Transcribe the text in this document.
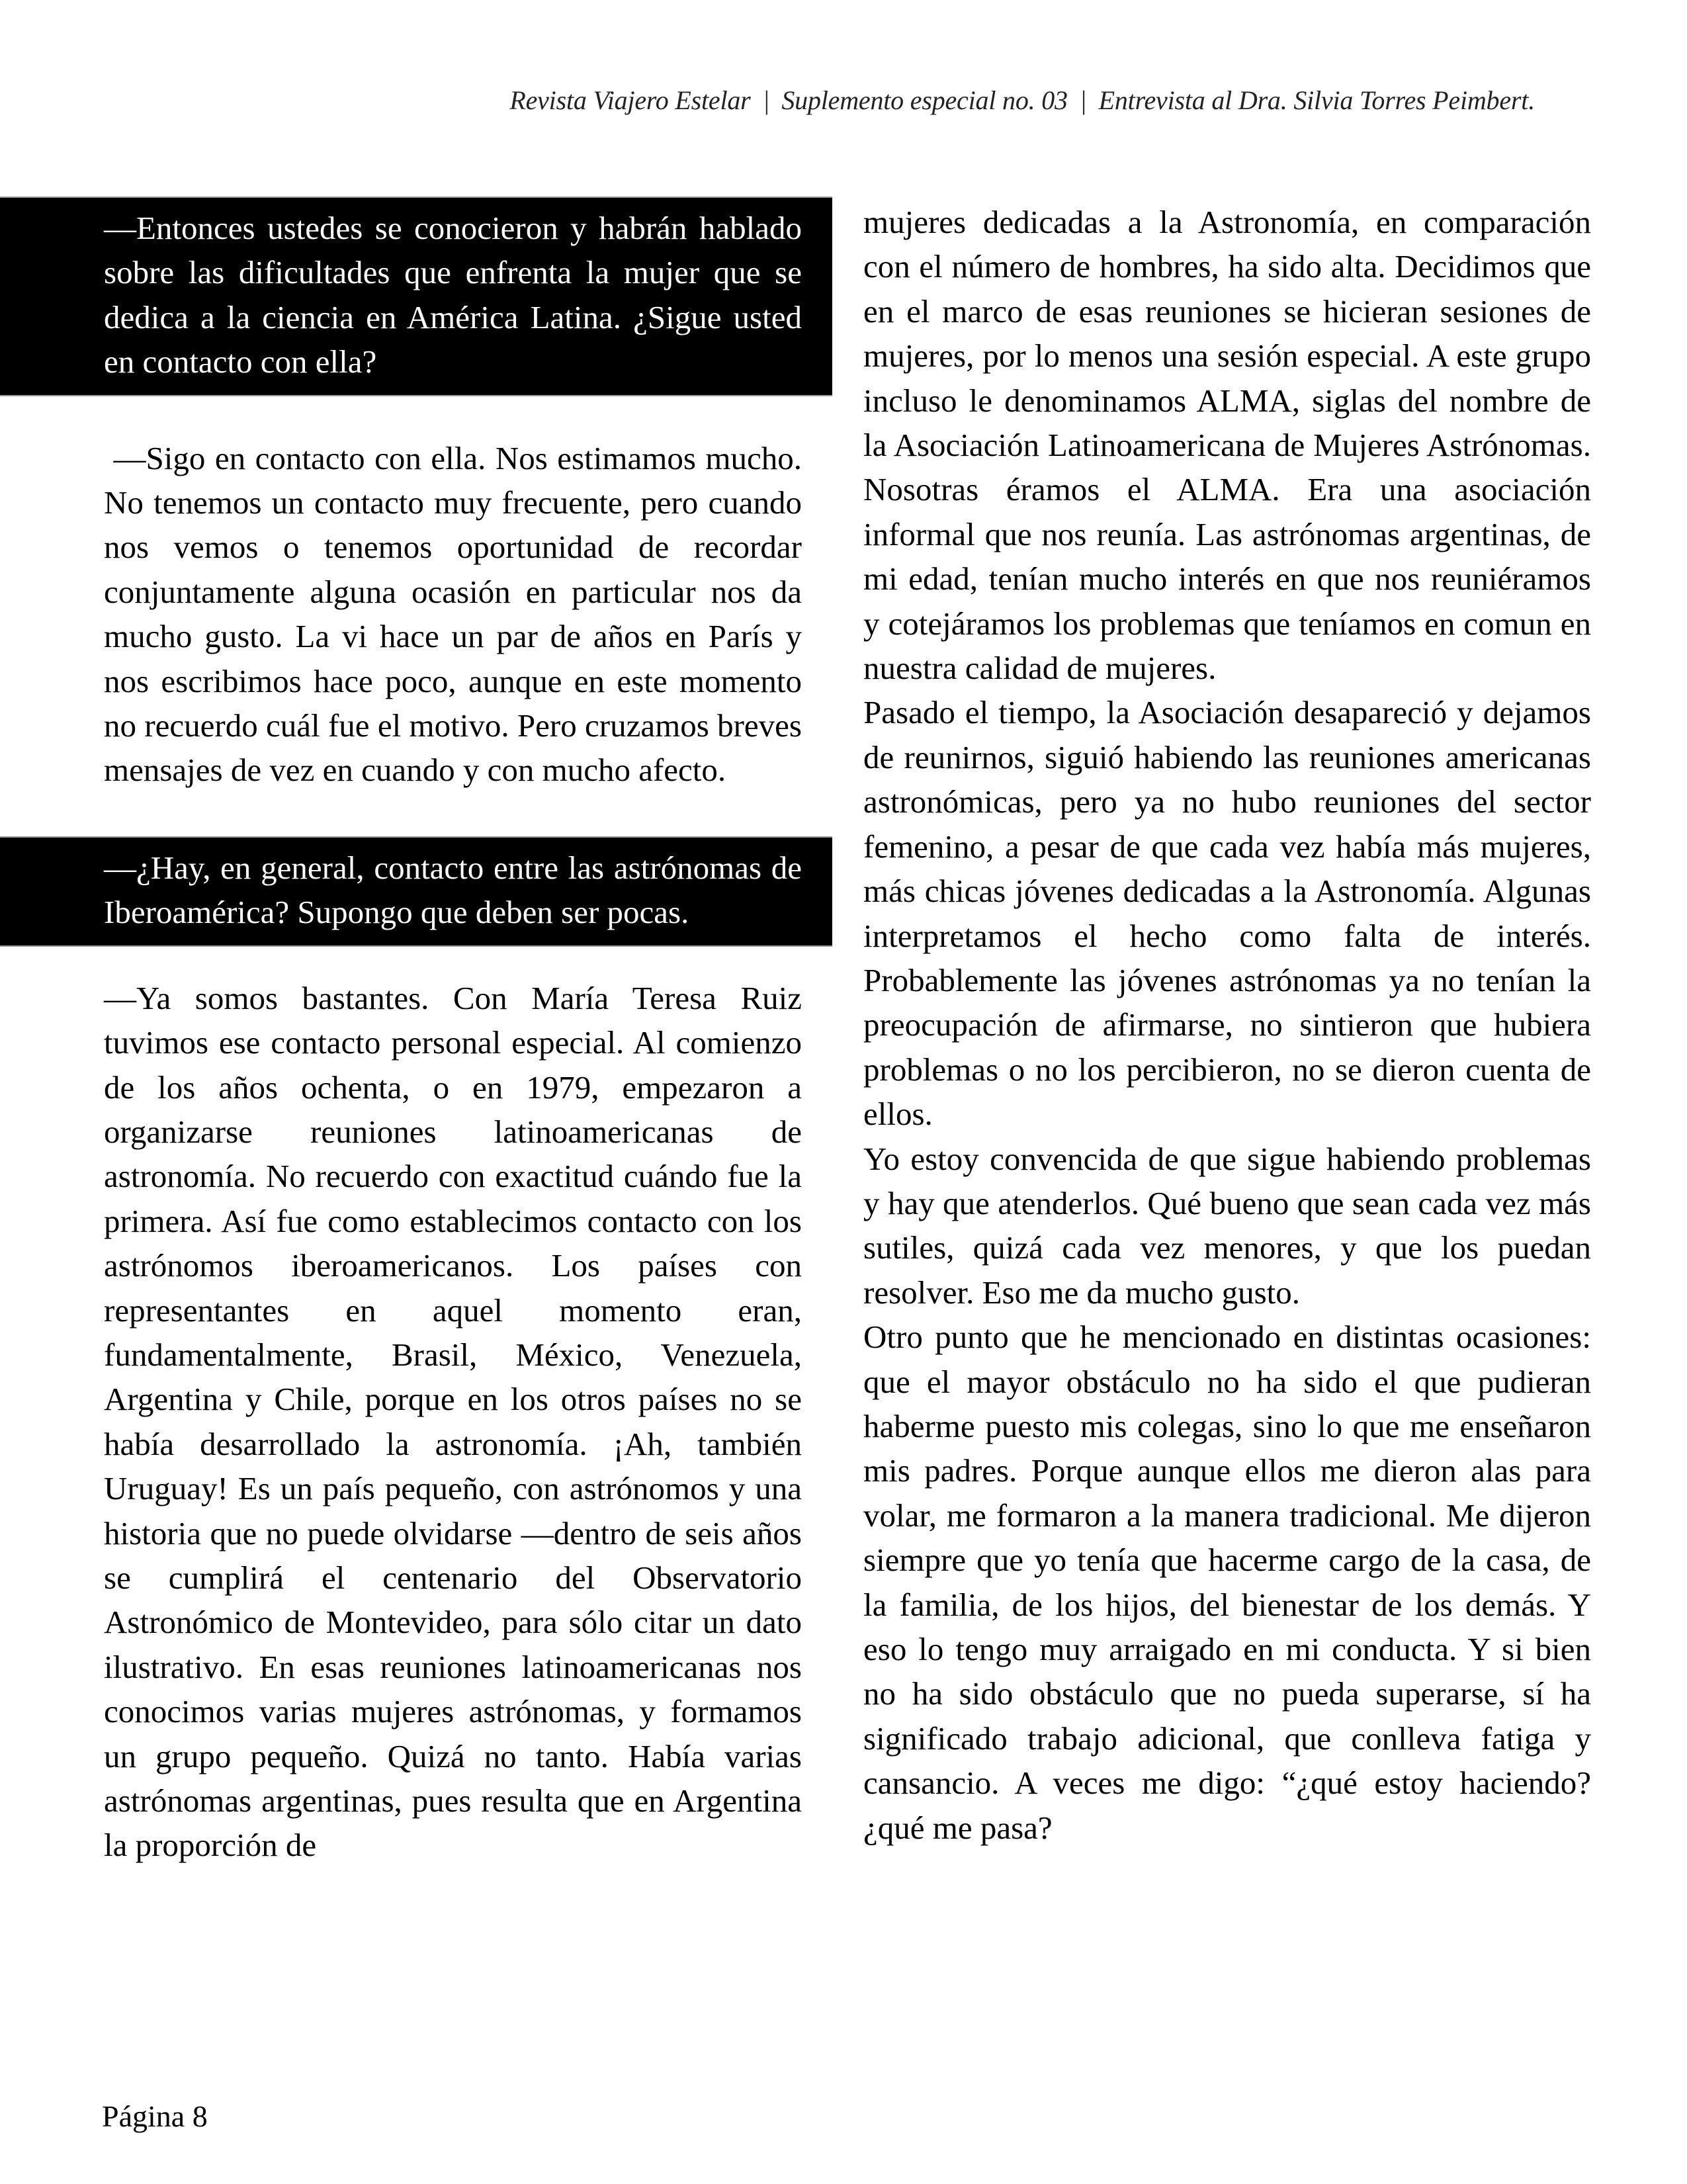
Revista Viajero Estelar | Suplemento especial no. 03 | Entrevista al Dra. Silvia Torres Peimbert.

—Entonces ustedes se conocieron y habrán hablado sobre las dificultades que enfrenta la mujer que se dedica a la ciencia en América Latina. ¿Sigue usted en contacto con ella?

—Sigo en contacto con ella. Nos estimamos mucho. No tenemos un contacto muy frecuente, pero cuando nos vemos o tenemos oportunidad de recordar conjuntamente alguna ocasión en particular nos da mucho gusto. La vi hace un par de años en París y nos escribimos hace poco, aunque en este momento no recuerdo cuál fue el motivo. Pero cruzamos breves mensajes de vez en cuando y con mucho afecto.

—¿Hay, en general, contacto entre las astrónomas de Iberoamérica? Supongo que deben ser pocas.

—Ya somos bastantes. Con María Teresa Ruiz tuvimos ese contacto personal especial. Al comienzo de los años ochenta, o en 1979, empezaron a organizarse reuniones latinoamericanas de astronomía. No recuerdo con exactitud cuándo fue la primera. Así fue como establecimos contacto con los astrónomos iberoamericanos. Los países con representantes en aquel momento eran, fundamentalmente, Brasil, México, Venezuela, Argentina y Chile, porque en los otros países no se había desarrollado la astronomía. ¡Ah, también Uruguay! Es un país pequeño, con astrónomos y una historia que no puede olvidarse —dentro de seis años se cumplirá el centenario del Observatorio Astronómico de Montevideo, para sólo citar un dato ilustrativo. En esas reuniones latinoamericanas nos conocimos varias mujeres astrónomas, y formamos un grupo pequeño. Quizá no tanto. Había varias astrónomas argentinas, pues resulta que en Argentina la proporción de

mujeres dedicadas a la Astronomía, en comparación con el número de hombres, ha sido alta. Decidimos que en el marco de esas reuniones se hicieran sesiones de mujeres, por lo menos una sesión especial. A este grupo incluso le denominamos ALMA, siglas del nombre de la Asociación Latinoamericana de Mujeres Astrónomas. Nosotras éramos el ALMA. Era una asociación informal que nos reunía. Las astrónomas argentinas, de mi edad, tenían mucho interés en que nos reuniéramos y cotejáramos los problemas que teníamos en comun en nuestra calidad de mujeres.

Pasado el tiempo, la Asociación desapareció y dejamos de reunirnos, siguió habiendo las reuniones americanas astronómicas, pero ya no hubo reuniones del sector femenino, a pesar de que cada vez había más mujeres, más chicas jóvenes dedicadas a la Astronomía. Algunas interpretamos el hecho como falta de interés. Probablemente las jóvenes astrónomas ya no tenían la preocupación de afirmarse, no sintieron que hubiera problemas o no los percibieron, no se dieron cuenta de ellos.

Yo estoy convencida de que sigue habiendo problemas y hay que atenderlos. Qué bueno que sean cada vez más sutiles, quizá cada vez menores, y que los puedan resolver. Eso me da mucho gusto.

Otro punto que he mencionado en distintas ocasiones: que el mayor obstáculo no ha sido el que pudieran haberme puesto mis colegas, sino lo que me enseñaron mis padres. Porque aunque ellos me dieron alas para volar, me formaron a la manera tradicional. Me dijeron siempre que yo tenía que hacerme cargo de la casa, de la familia, de los hijos, del bienestar de los demás. Y eso lo tengo muy arraigado en mi conducta. Y si bien no ha sido obstáculo que no pueda superarse, sí ha significado trabajo adicional, que conlleva fatiga y cansancio. A veces me digo: “¿qué estoy haciendo? ¿qué me pasa?

Página 8
